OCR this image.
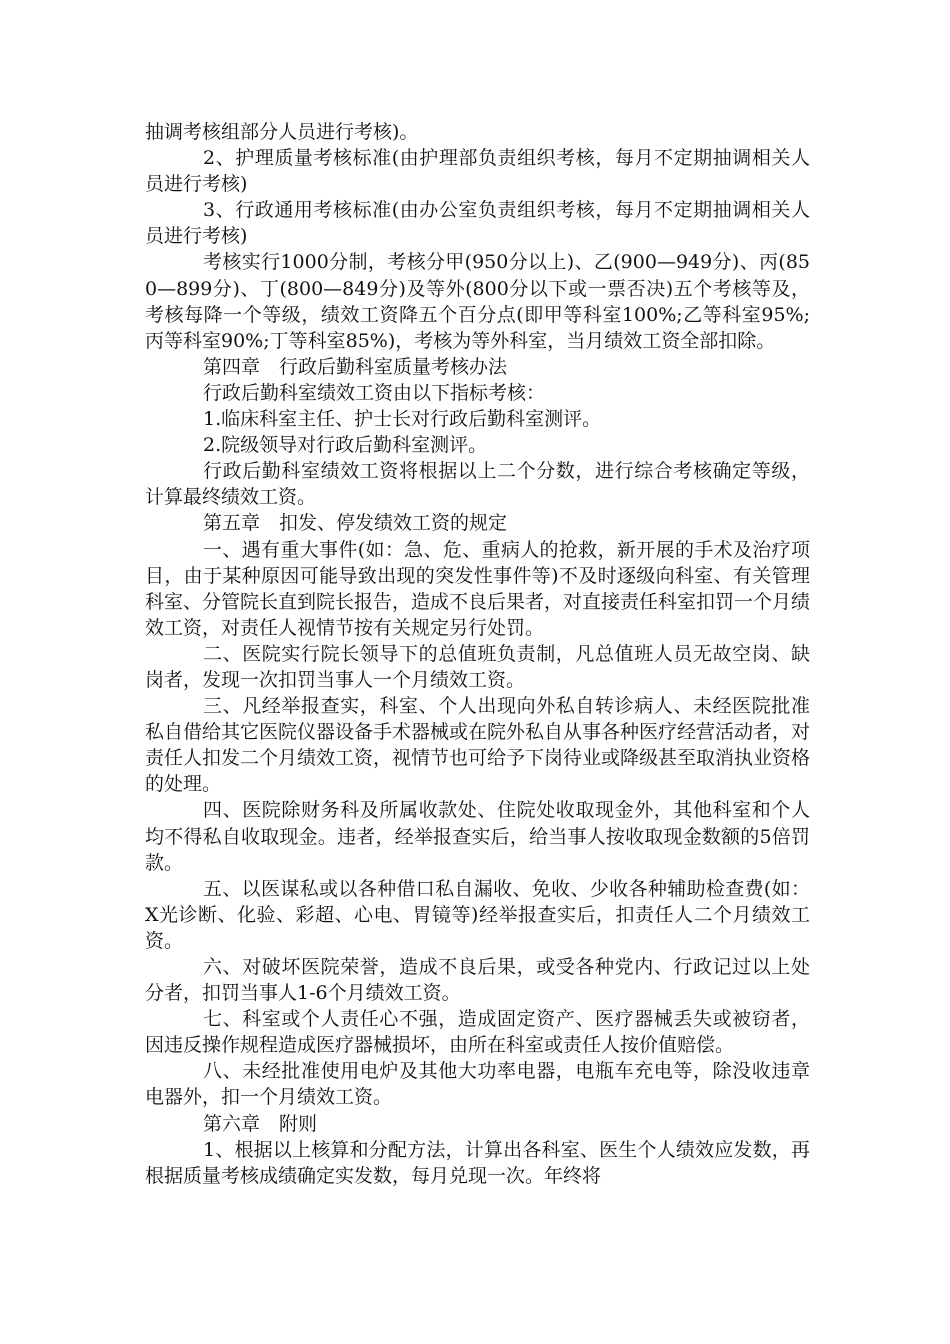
抽调考核组部分人员进行考核)。

2、护理质量考核标准(由护理部负责组织考核，每月不定期抽调相关人员进行考核)

3、行政通用考核标准(由办公室负责组织考核，每月不定期抽调相关人员进行考核)

考核实行1000分制，考核分甲(950分以上)、乙(900—949分)、丙(850—899分)、丁(800—849分)及等外(800分以下或一票否决)五个考核等及，考核每降一个等级，绩效工资降五个百分点(即甲等科室100%;乙等科室95%;丙等科室90%;丁等科室85%)，考核为等外科室，当月绩效工资全部扣除。

第四章　行政后勤科室质量考核办法

行政后勤科室绩效工资由以下指标考核：

1.临床科室主任、护士长对行政后勤科室测评。

2.院级领导对行政后勤科室测评。

行政后勤科室绩效工资将根据以上二个分数，进行综合考核确定等级，计算最终绩效工资。

第五章　扣发、停发绩效工资的规定

一、遇有重大事件(如：急、危、重病人的抢救，新开展的手术及治疗项目，由于某种原因可能导致出现的突发性事件等)不及时逐级向科室、有关管理科室、分管院长直到院长报告，造成不良后果者，对直接责任科室扣罚一个月绩效工资，对责任人视情节按有关规定另行处罚。

二、医院实行院长领导下的总值班负责制，凡总值班人员无故空岗、缺岗者，发现一次扣罚当事人一个月绩效工资。

三、凡经举报查实，科室、个人出现向外私自转诊病人、未经医院批准私自借给其它医院仪器设备手术器械或在院外私自从事各种医疗经营活动者，对责任人扣发二个月绩效工资，视情节也可给予下岗待业或降级甚至取消执业资格的处理。

四、医院除财务科及所属收款处、住院处收取现金外，其他科室和个人均不得私自收取现金。违者，经举报查实后，给当事人按收取现金数额的5倍罚款。

五、以医谋私或以各种借口私自漏收、免收、少收各种辅助检查费(如：X光诊断、化验、彩超、心电、胃镜等)经举报查实后，扣责任人二个月绩效工资。

六、对破坏医院荣誉，造成不良后果，或受各种党内、行政记过以上处分者，扣罚当事人1-6个月绩效工资。

七、科室或个人责任心不强，造成固定资产、医疗器械丢失或被窃者，因违反操作规程造成医疗器械损坏，由所在科室或责任人按价值赔偿。

八、未经批准使用电炉及其他大功率电器，电瓶车充电等，除没收违章电器外，扣一个月绩效工资。

第六章　附则

1、根据以上核算和分配方法，计算出各科室、医生个人绩效应发数，再根据质量考核成绩确定实发数，每月兑现一次。年终将
